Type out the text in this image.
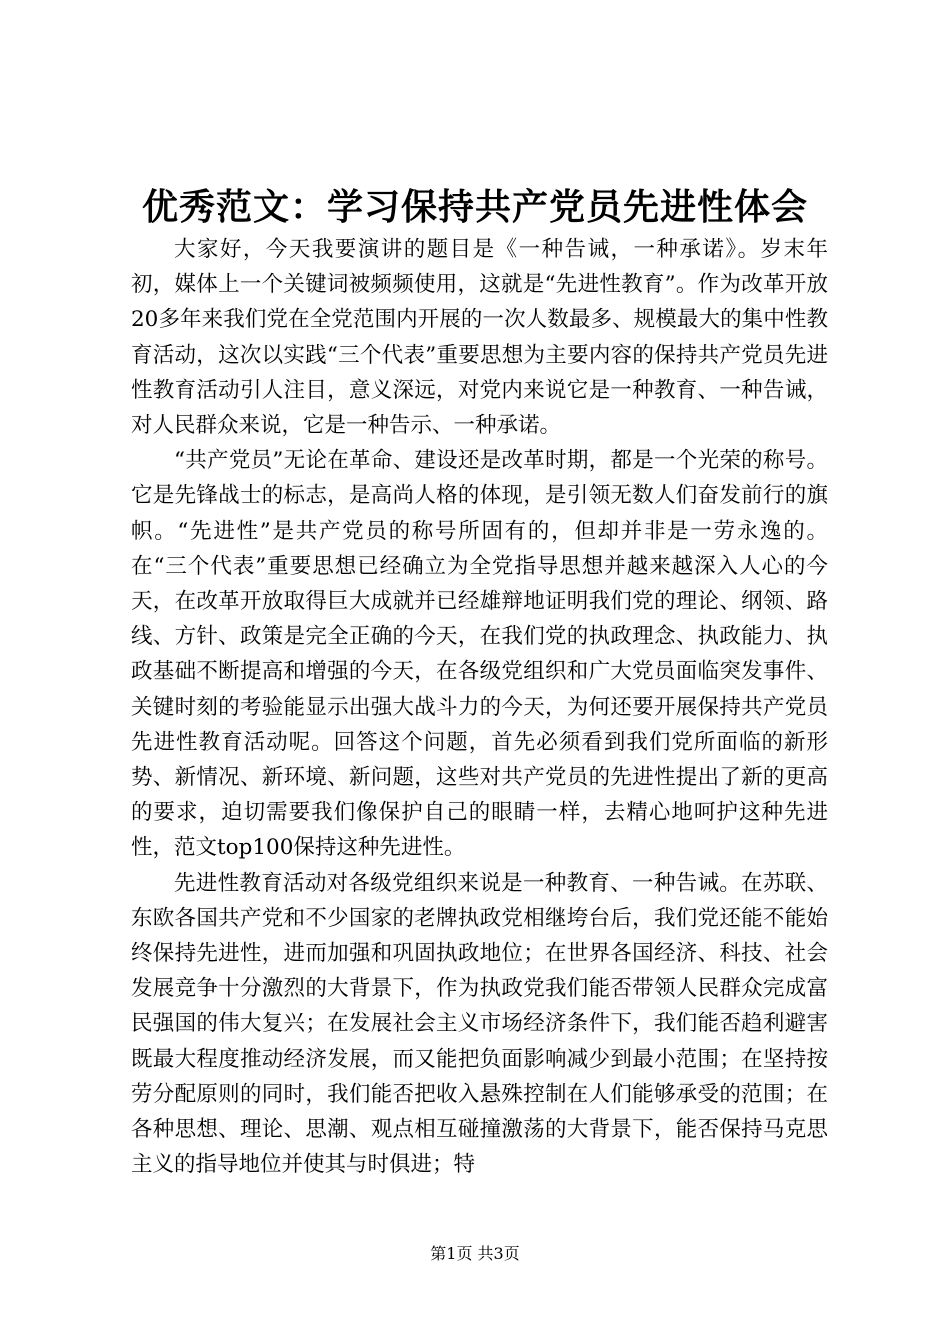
优秀范文：学习保持共产党员先进性体会

大家好，今天我要演讲的题目是《一种告诫，一种承诺》。岁末年初，媒体上一个关键词被频频使用，这就是“先进性教育”。作为改革开放20多年来我们党在全党范围内开展的一次人数最多、规模最大的集中性教育活动，这次以实践“三个代表”重要思想为主要内容的保持共产党员先进性教育活动引人注目，意义深远，对党内来说它是一种教育、一种告诫，对人民群众来说，它是一种告示、一种承诺。

“共产党员”无论在革命、建设还是改革时期，都是一个光荣的称号。它是先锋战士的标志，是高尚人格的体现，是引领无数人们奋发前行的旗帜。“先进性”是共产党员的称号所固有的，但却并非是一劳永逸的。在“三个代表”重要思想已经确立为全党指导思想并越来越深入人心的今天，在改革开放取得巨大成就并已经雄辩地证明我们党的理论、纲领、路线、方针、政策是完全正确的今天，在我们党的执政理念、执政能力、执政基础不断提高和增强的今天，在各级党组织和广大党员面临突发事件、关键时刻的考验能显示出强大战斗力的今天，为何还要开展保持共产党员先进性教育活动呢。回答这个问题，首先必须看到我们党所面临的新形势、新情况、新环境、新问题，这些对共产党员的先进性提出了新的更高的要求，迫切需要我们像保护自己的眼睛一样，去精心地呵护这种先进性，范文top100保持这种先进性。

先进性教育活动对各级党组织来说是一种教育、一种告诫。在苏联、东欧各国共产党和不少国家的老牌执政党相继垮台后，我们党还能不能始终保持先进性，进而加强和巩固执政地位；在世界各国经济、科技、社会发展竞争十分激烈的大背景下，作为执政党我们能否带领人民群众完成富民强国的伟大复兴；在发展社会主义市场经济条件下，我们能否趋利避害既最大程度推动经济发展，而又能把负面影响减少到最小范围；在坚持按劳分配原则的同时，我们能否把收入悬殊控制在人们能够承受的范围；在各种思想、理论、思潮、观点相互碰撞激荡的大背景下，能否保持马克思主义的指导地位并使其与时俱进；特

第1页 共3页
